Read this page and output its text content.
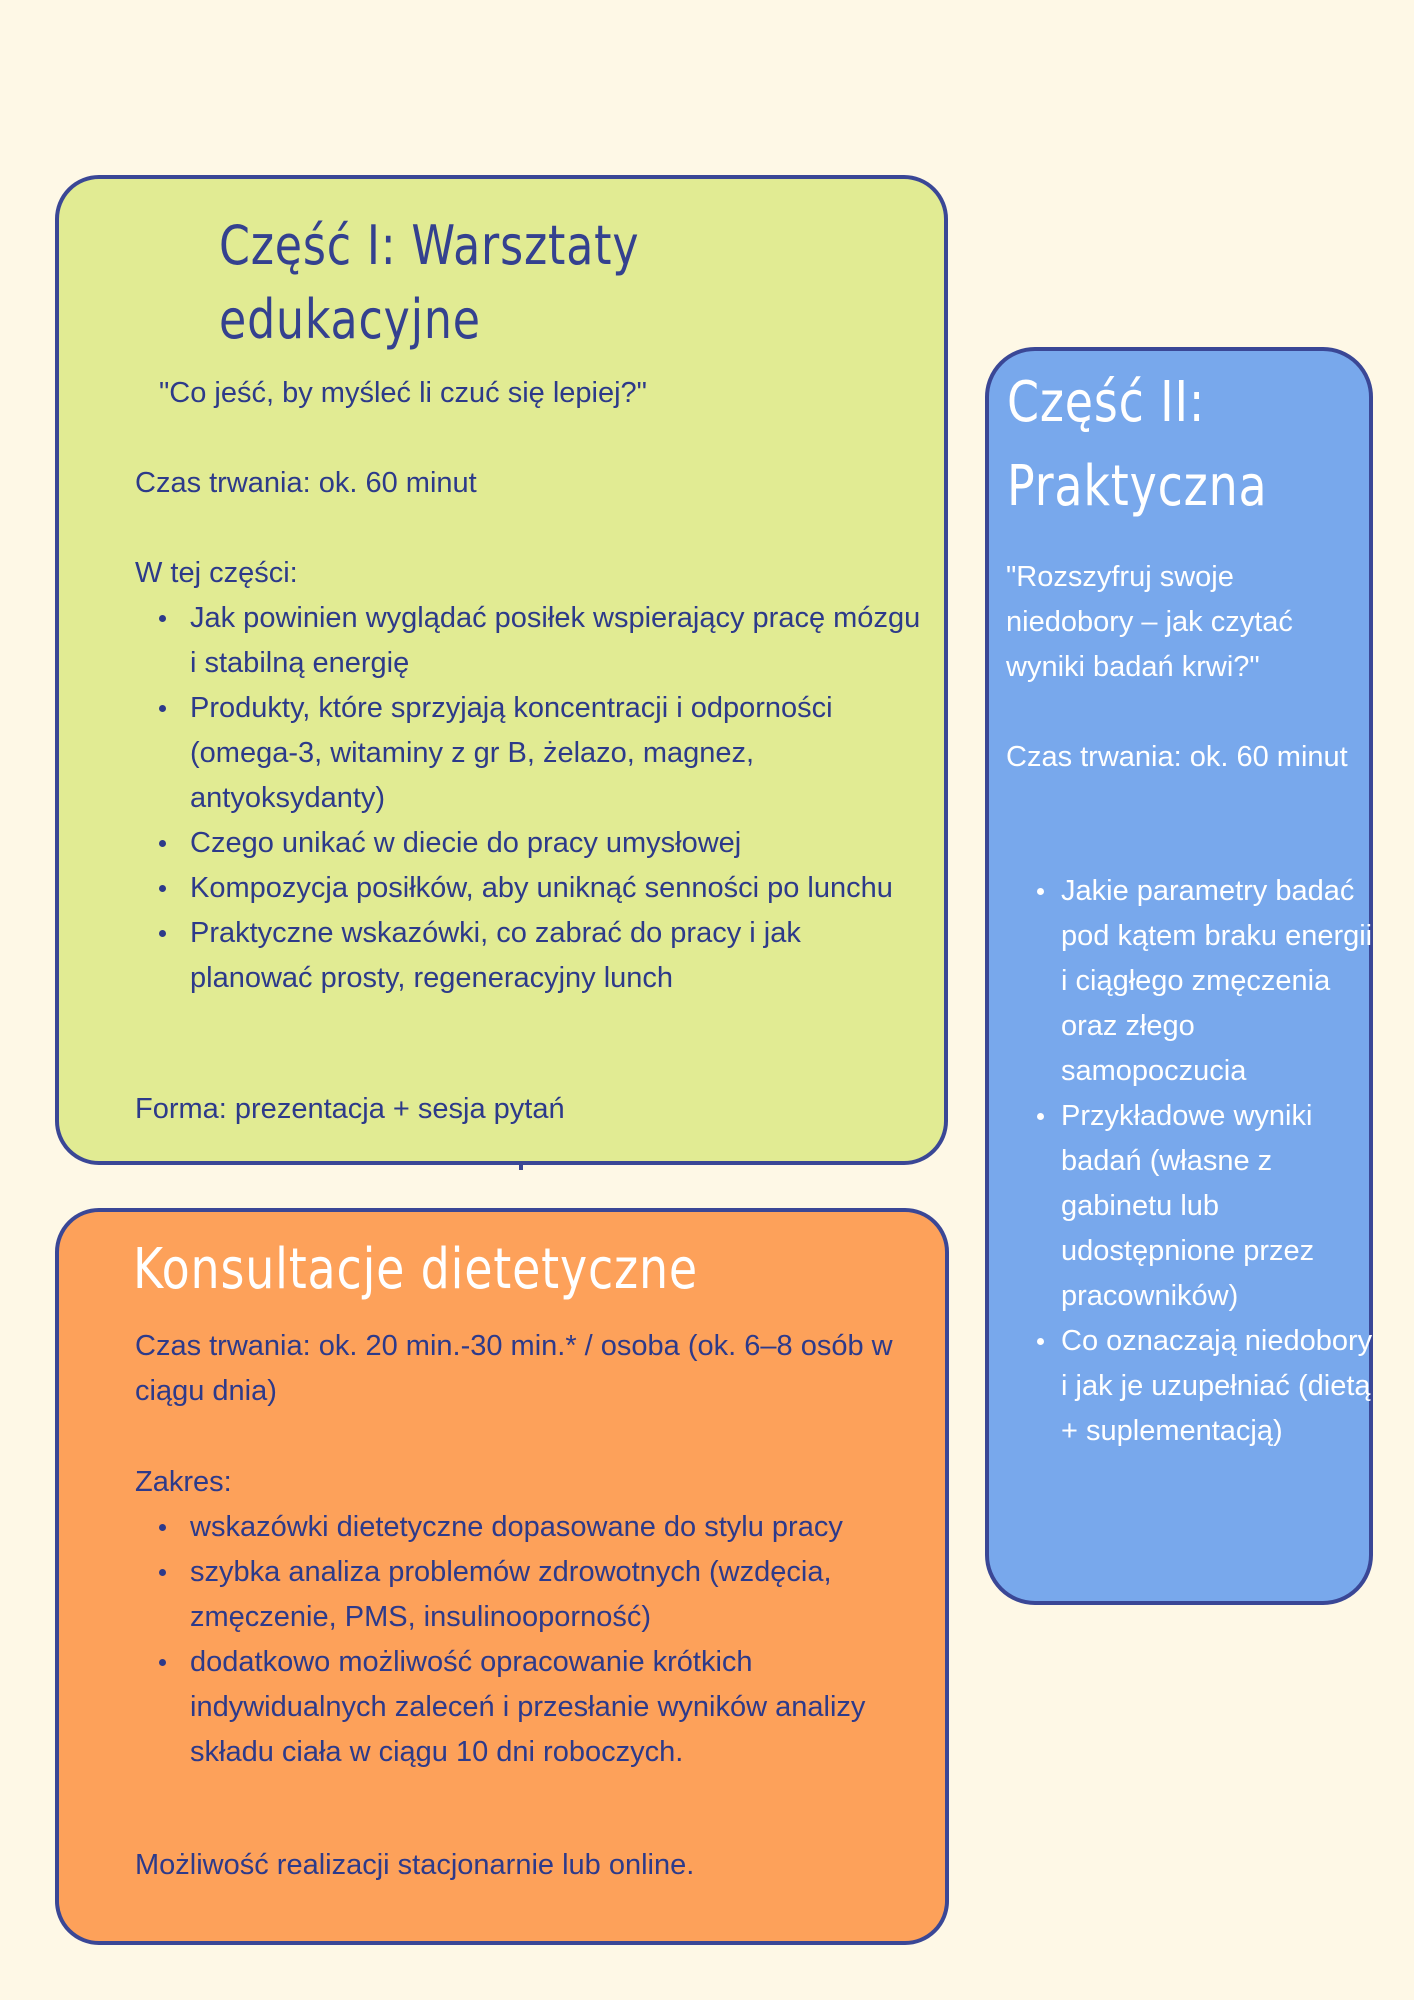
Część I: Warsztaty
edukacyjne

"Co jeść, by myśleć li czuć się lepiej?"

Czas trwania: ok. 60 minut

W tej części:

Jak powinien wyglądać posiłek wspierający pracę mózgu i stabilną energię
Produkty, które sprzyjają koncentracji i odporności (omega-3, witaminy z gr B, żelazo, magnez, antyoksydanty)
Czego unikać w diecie do pracy umysłowej
Kompozycja posiłków, aby uniknąć senności po lunchu
Praktyczne wskazówki, co zabrać do pracy i jak planować prosty, regeneracyjny lunch

Forma: prezentacja + sesja pytań

Część II:
Praktyczna

"Rozszyfruj swoje niedobory – jak czytać wyniki badań krwi?"

Czas trwania: ok. 60 minut

Jakie parametry badać pod kątem braku energii i ciągłego zmęczenia oraz złego samopoczucia
Przykładowe wyniki badań (własne z gabinetu lub udostępnione przez pracowników)
Co oznaczają niedobory i jak je uzupełniać (dietą + suplementacją)
Konsultacje dietetyczne

Czas trwania: ok. 20 min.-30 min.* / osoba (ok. 6–8 osób w ciągu dnia)

Zakres:

wskazówki dietetyczne dopasowane do stylu pracy
szybka analiza problemów zdrowotnych (wzdęcia, zmęczenie, PMS, insulinooporność)
dodatkowo możliwość opracowanie krótkich indywidualnych zaleceń i przesłanie wyników analizy składu ciała w ciągu 10 dni roboczych.

Możliwość realizacji stacjonarnie lub online.
